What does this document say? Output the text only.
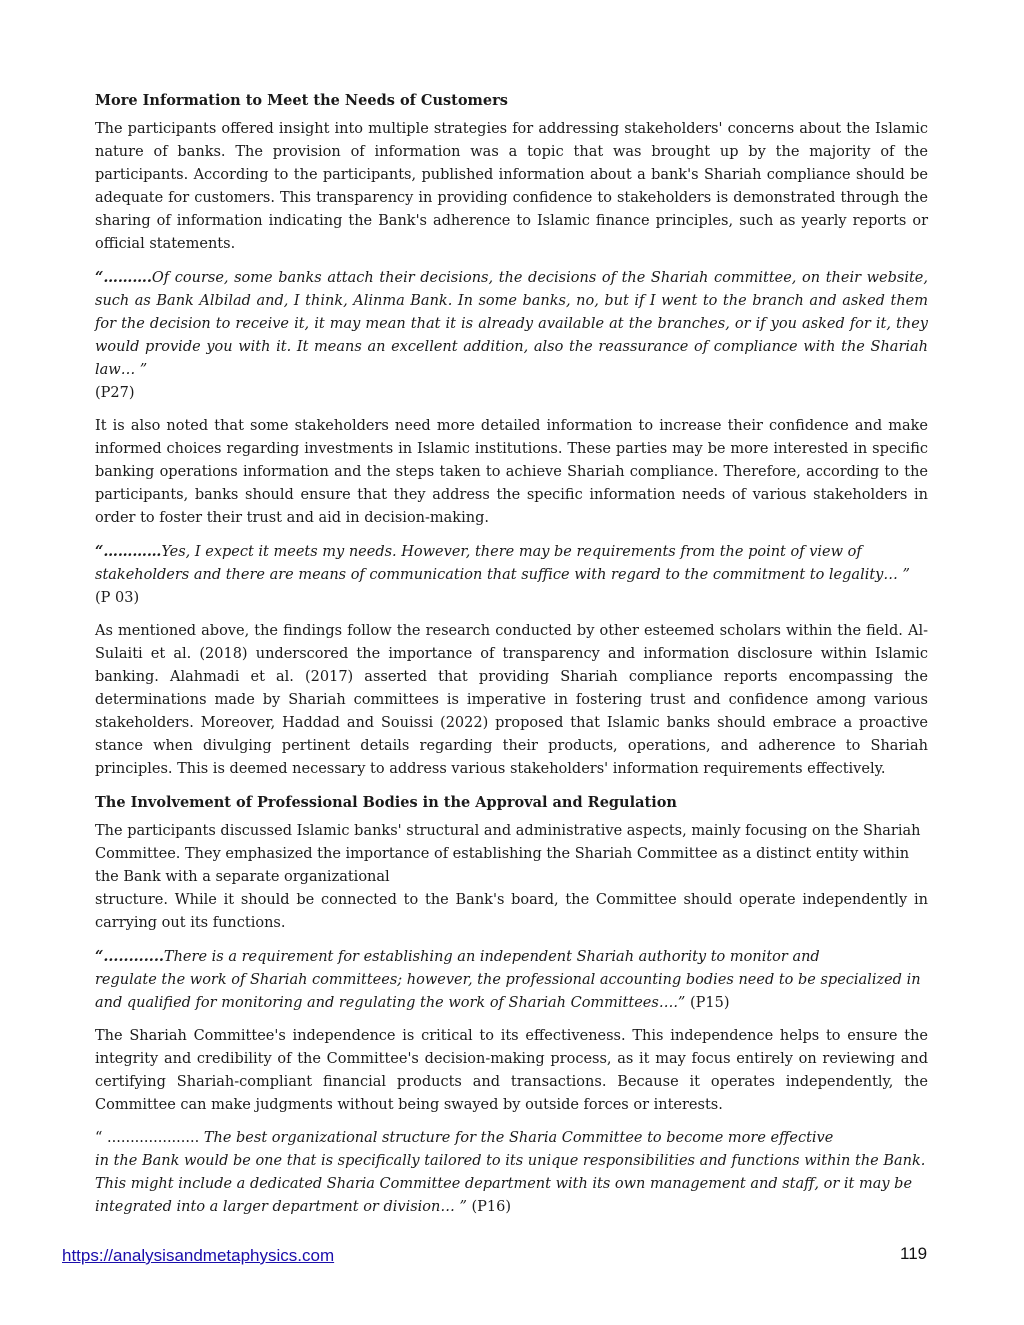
More Information to Meet the Needs of Customers

The participants offered insight into multiple strategies for addressing stakeholders' concerns about the Islamic nature of banks. The provision of information was a topic that was brought up by the majority of the participants. According to the participants, published information about a bank's Shariah compliance should be adequate for customers. This transparency in providing confidence to stakeholders is demonstrated through the sharing of information indicating the Bank's adherence to Islamic finance principles, such as yearly reports or official statements.

“……….Of course, some banks attach their decisions, the decisions of the Shariah committee, on their website, such as Bank Albilad and, I think, Alinma Bank. In some banks, no, but if I went to the branch and asked them for the decision to receive it, it may mean that it is already available at the branches, or if you asked for it, they would provide you with it. It means an excellent addition, also the reassurance of compliance with the Shariah law… ”
(P27)

It is also noted that some stakeholders need more detailed information to increase their confidence and make informed choices regarding investments in Islamic institutions. These parties may be more interested in specific banking operations information and the steps taken to achieve Shariah compliance. Therefore, according to the participants, banks should ensure that they address the specific information needs of various stakeholders in order to foster their trust and aid in decision-making.

“…………Yes, I expect it meets my needs. However, there may be requirements from the point of view of stakeholders and there are means of communication that suffice with regard to the commitment to legality… ” (P 03)

As mentioned above, the findings follow the research conducted by other esteemed scholars within the field. Al-Sulaiti et al. (2018) underscored the importance of transparency and information disclosure within Islamic banking. Alahmadi et al. (2017) asserted that providing Shariah compliance reports encompassing the determinations made by Shariah committees is imperative in fostering trust and confidence among various stakeholders. Moreover, Haddad and Souissi (2022) proposed that Islamic banks should embrace a proactive stance when divulging pertinent details regarding their products, operations, and adherence to Shariah principles. This is deemed necessary to address various stakeholders' information requirements effectively.

The Involvement of Professional Bodies in the Approval and Regulation

The participants discussed Islamic banks' structural and administrative aspects, mainly focusing on the Shariah Committee. They emphasized the importance of establishing the Shariah Committee as a distinct entity within the Bank with a separate organizational

structure. While it should be connected to the Bank's board, the Committee should operate independently in carrying out its functions.

“............There is a requirement for establishing an independent Shariah authority to monitor and
regulate the work of Shariah committees; however, the professional accounting bodies need to be specialized in and qualified for monitoring and regulating the work of Shariah Committees….” (P15)

The Shariah Committee's independence is critical to its effectiveness. This independence helps to ensure the integrity and credibility of the Committee's decision-making process, as it may focus entirely on reviewing and certifying Shariah-compliant financial products and transactions. Because it operates independently, the Committee can make judgments without being swayed by outside forces or interests.

“ .................... The best organizational structure for the Sharia Committee to become more effective
in the Bank would be one that is specifically tailored to its unique responsibilities and functions within the Bank. This might include a dedicated Sharia Committee department with its own management and staff, or it may be integrated into a larger department or division… ” (P16)

https://analysisandmetaphysics.com	119
